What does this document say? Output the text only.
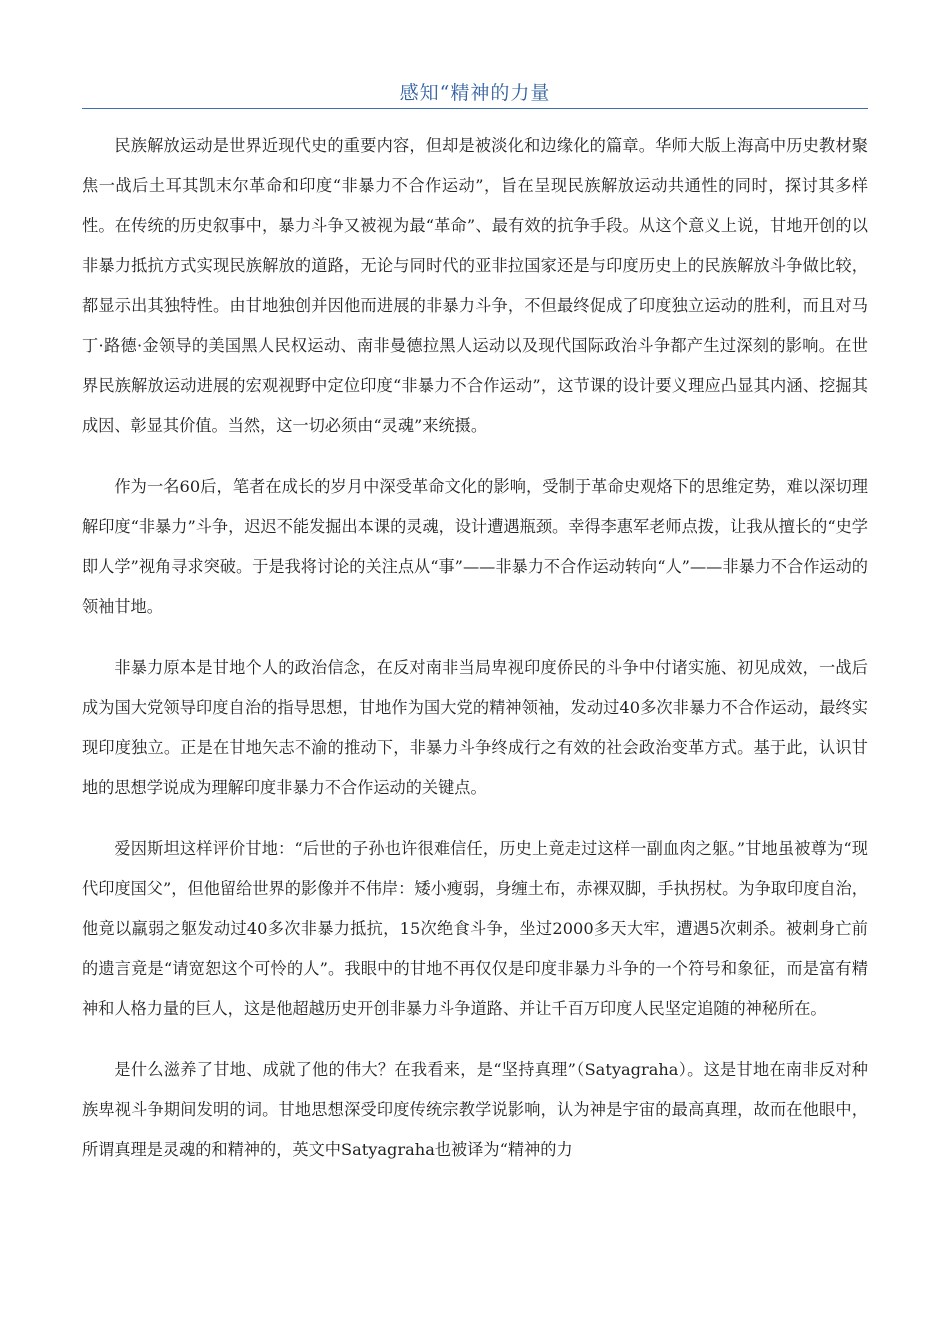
感知“精神的力量

民族解放运动是世界近现代史的重要内容，但却是被淡化和边缘化的篇章。华师大版上海高中历史教材聚焦一战后土耳其凯末尔革命和印度“非暴力不合作运动”，旨在呈现民族解放运动共通性的同时，探讨其多样性。在传统的历史叙事中，暴力斗争又被视为最“革命”、最有效的抗争手段。从这个意义上说，甘地开创的以非暴力抵抗方式实现民族解放的道路，无论与同时代的亚非拉国家还是与印度历史上的民族解放斗争做比较，都显示出其独特性。由甘地独创并因他而进展的非暴力斗争，不但最终促成了印度独立运动的胜利，而且对马丁·路德·金领导的美国黑人民权运动、南非曼德拉黑人运动以及现代国际政治斗争都产生过深刻的影响。在世界民族解放运动进展的宏观视野中定位印度“非暴力不合作运动”，这节课的设计要义理应凸显其内涵、挖掘其成因、彰显其价值。当然，这一切必须由“灵魂”来统摄。

作为一名60后，笔者在成长的岁月中深受革命文化的影响，受制于革命史观烙下的思维定势，难以深切理解印度“非暴力”斗争，迟迟不能发掘出本课的灵魂，设计遭遇瓶颈。幸得李惠军老师点拨，让我从擅长的“史学即人学”视角寻求突破。于是我将讨论的关注点从“事”——非暴力不合作运动转向“人”——非暴力不合作运动的领袖甘地。

非暴力原本是甘地个人的政治信念，在反对南非当局卑视印度侨民的斗争中付诸实施、初见成效，一战后成为国大党领导印度自治的指导思想，甘地作为国大党的精神领袖，发动过40多次非暴力不合作运动，最终实现印度独立。正是在甘地矢志不渝的推动下，非暴力斗争终成行之有效的社会政治变革方式。基于此，认识甘地的思想学说成为理解印度非暴力不合作运动的关键点。

爱因斯坦这样评价甘地：“后世的子孙也许很难信任，历史上竟走过这样一副血肉之躯。”甘地虽被尊为“现代印度国父”，但他留给世界的影像并不伟岸：矮小瘦弱，身缠土布，赤裸双脚，手执拐杖。为争取印度自治，他竟以羸弱之躯发动过40多次非暴力抵抗，15次绝食斗争，坐过2000多天大牢，遭遇5次刺杀。被刺身亡前的遗言竟是“请宽恕这个可怜的人”。我眼中的甘地不再仅仅是印度非暴力斗争的一个符号和象征，而是富有精神和人格力量的巨人，这是他超越历史开创非暴力斗争道路、并让千百万印度人民坚定追随的神秘所在。

是什么滋养了甘地、成就了他的伟大？在我看来，是“坚持真理”（Satyagraha）。这是甘地在南非反对种族卑视斗争期间发明的词。甘地思想深受印度传统宗教学说影响，认为神是宇宙的最高真理，故而在他眼中，所谓真理是灵魂的和精神的，英文中Satyagraha也被译为“精神的力
